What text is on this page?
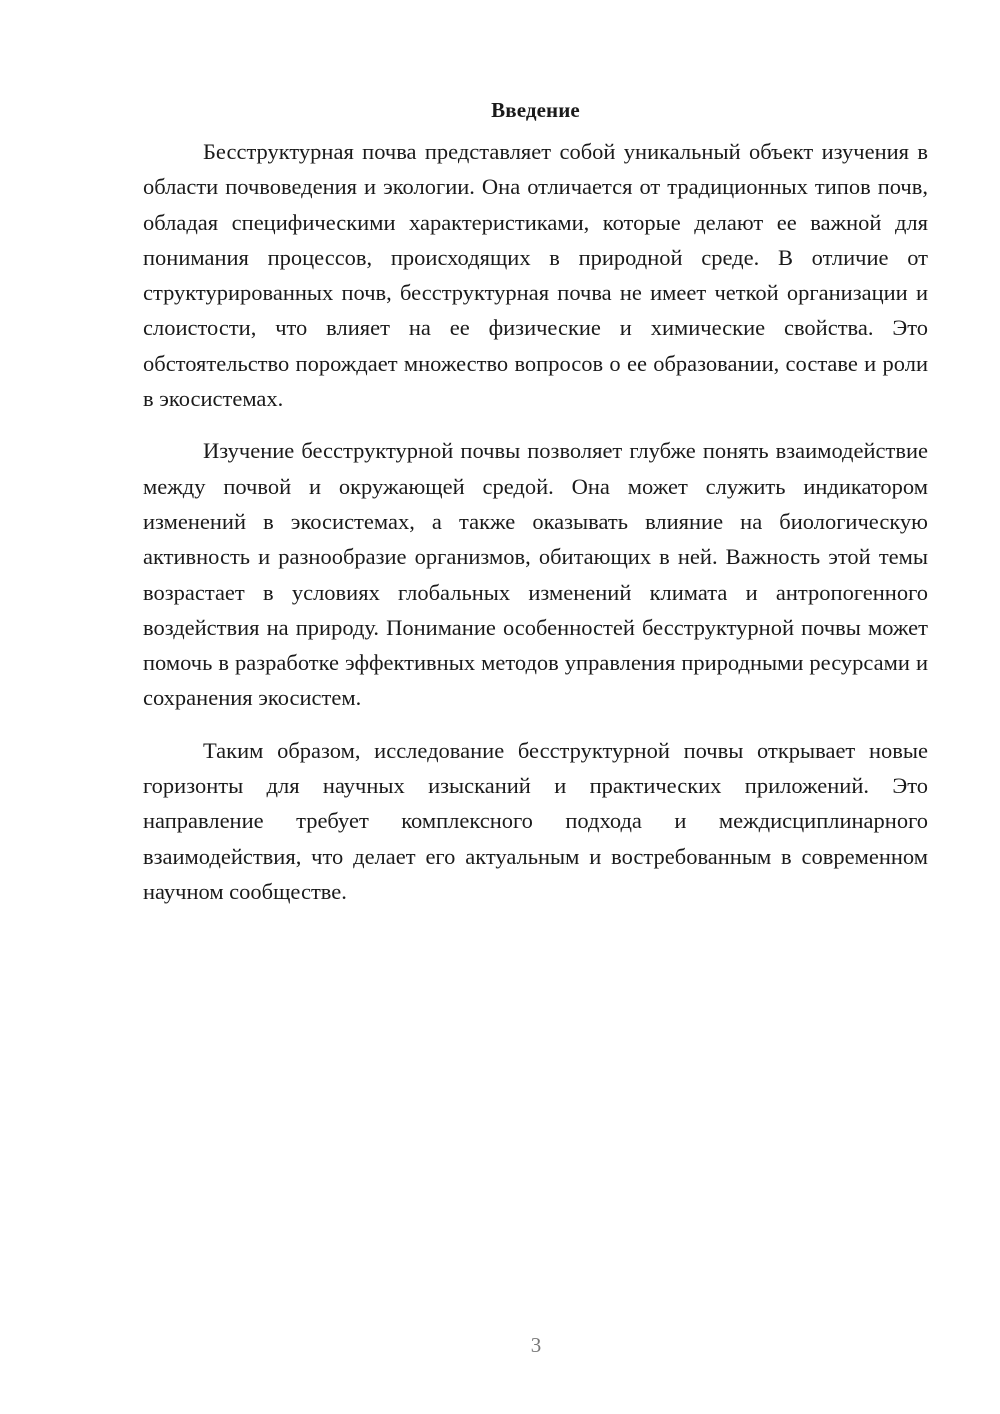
Введение

Бесструктурная почва представляет собой уникальный объект изучения в области почвоведения и экологии. Она отличается от традиционных типов почв, обладая специфическими характеристиками, которые делают ее важной для понимания процессов, происходящих в природной среде. В отличие от структурированных почв, бесструктурная почва не имеет четкой организации и слоистости, что влияет на ее физические и химические свойства. Это обстоятельство порождает множество вопросов о ее образовании, составе и роли в экосистемах.

Изучение бесструктурной почвы позволяет глубже понять взаимодействие между почвой и окружающей средой. Она может служить индикатором изменений в экосистемах, а также оказывать влияние на биологическую активность и разнообразие организмов, обитающих в ней. Важность этой темы возрастает в условиях глобальных изменений климата и антропогенного воздействия на природу. Понимание особенностей бесструктурной почвы может помочь в разработке эффективных методов управления природными ресурсами и сохранения экосистем.

Таким образом, исследование бесструктурной почвы открывает новые горизонты для научных изысканий и практических приложений. Это направление требует комплексного подхода и междисциплинарного взаимодействия, что делает его актуальным и востребованным в современном научном сообществе.

3
